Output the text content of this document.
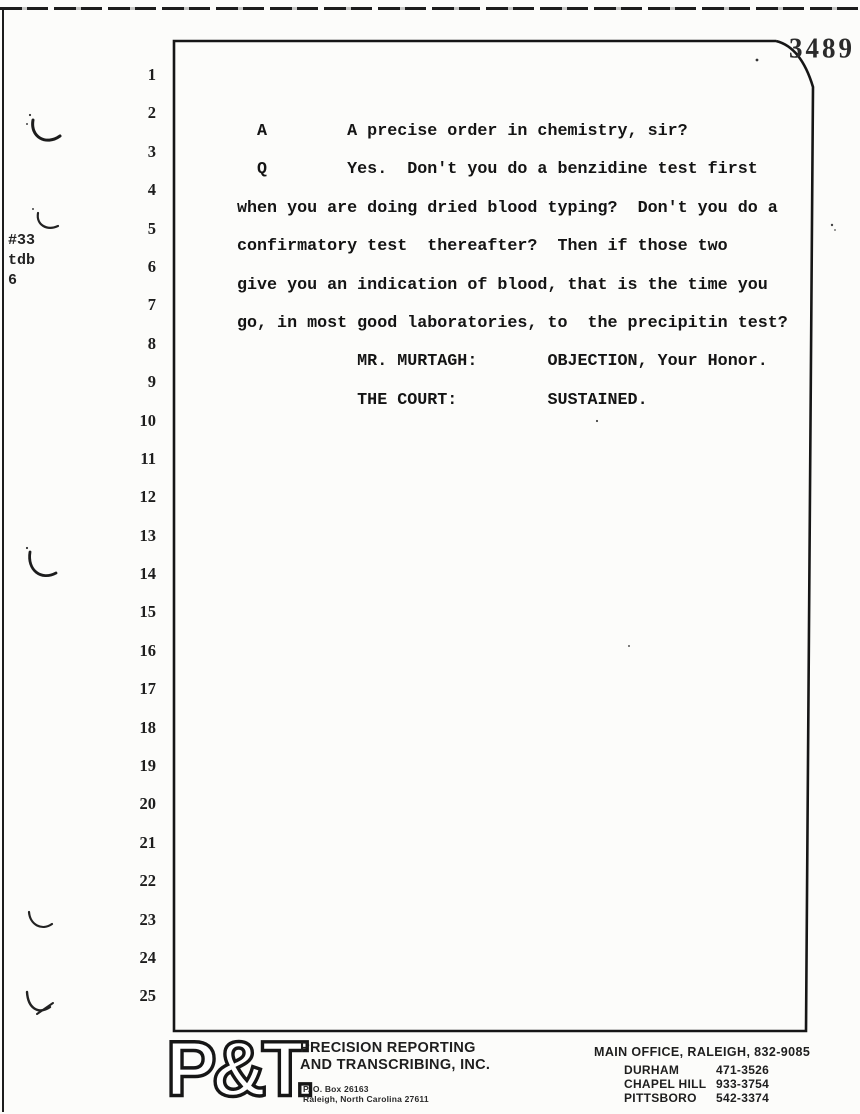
3489
#33
tdb
6
1
2
3
4
5
6
7
8
9
10
11
12
13
14
15
16
17
18
19
20
21
22
23
24
25

A        A precise order in chemistry, sir?
Q        Yes.  Don't you do a benzidine test first
when you are doing dried blood typing?  Don't you do a
confirmatory test  thereafter?  Then if those two
give you an indication of blood, that is the time you
go, in most good laboratories, to  the precipitin test?
MR. MURTAGH:       OBJECTION, Your Honor.
THE COURT:         SUSTAINED.
P&T.
PRECISION REPORTING
AND TRANSCRIBING, INC.
P. O. Box 26163
Raleigh, North Carolina 27611
MAIN OFFICE, RALEIGH, 832-9085
DURHAM	471-3526
CHAPEL HILL 933-3754
PITTSBORO	542-3374
